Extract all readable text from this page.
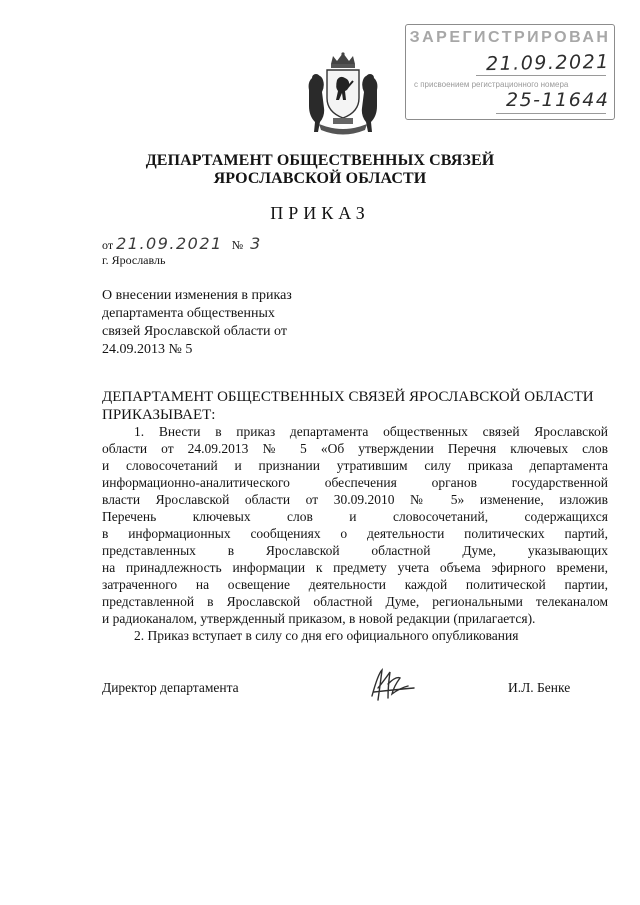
ЗАРЕГИСТРИРОВАН
21.09.2021
с присвоением регистрационного номера
25-11644
ДЕПАРТАМЕНТ ОБЩЕСТВЕННЫХ СВЯЗЕЙ
ЯРОСЛАВСКОЙ ОБЛАСТИ
ПРИКАЗ
от 21.09.2021 № 3
г. Ярославль
О внесении изменения в приказ
департамента общественных
связей Ярославской области от
24.09.2013 № 5
ДЕПАРТАМЕНТ ОБЩЕСТВЕННЫХ СВЯЗЕЙ ЯРОСЛАВСКОЙ ОБЛАСТИ
ПРИКАЗЫВАЕТ:
1. Внести в приказ департамента общественных связей Ярославской
области от 24.09.2013 № 5 «Об утверждении Перечня ключевых слов
и словосочетаний и признании утратившим силу приказа департамента
информационно-аналитического обеспечения органов государственной
власти Ярославской области от 30.09.2010 № 5» изменение, изложив
Перечень ключевых слов и словосочетаний, содержащихся
в информационных сообщениях о деятельности политических партий,
представленных в Ярославской областной Думе, указывающих
на принадлежность информации к предмету учета объема эфирного времени,
затраченного на освещение деятельности каждой политической партии,
представленной в Ярославской областной Думе, региональными телеканалом
и радиоканалом, утвержденный приказом, в новой редакции (прилагается).
2. Приказ вступает в силу со дня его официального опубликования
Директор департамента	И.Л. Бенке
